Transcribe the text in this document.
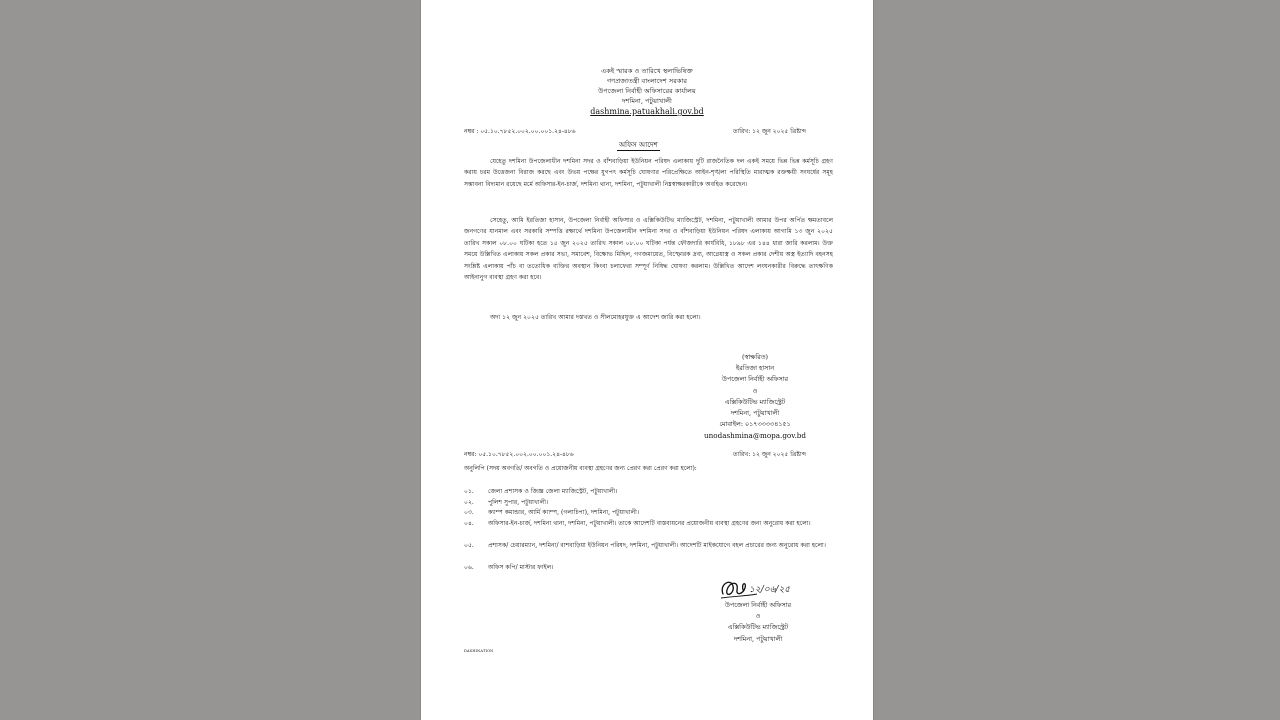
একই স্মারক ও তারিখে স্থলাভিষিক্ত
গণপ্রজাতন্ত্রী বাংলাদেশ সরকার
উপজেলা নির্বাহী অফিসারের কার্যালয়
দশমিনা, পটুয়াখালী
dashmina.patuakhali.gov.bd
নম্বর : ০৫.১০.৭৮৫২.০০২.০০.০০১.২৪-৪৮৬	তারিখ: ১২ জুন ২০২৫ খ্রিষ্টাব্দ
অফিস আদেশ
যেহেতু দশমিনা উপজেলাধীন দশমিনা সদর ও বাঁশবাড়িয়া ইউনিয়ন পরিষদ এলাকায় দুটি রাজনৈতিক দল একই সময়ে ভিন্ন ভিন্ন কর্মসূচি গ্রহণ করায় চরম উত্তেজনা বিরাজ করছে এবং উভয় পক্ষের যুগপৎ কর্মসূচি ঘোষণার পরিপ্রেক্ষিতে আইন-শৃঙ্খলা পরিস্থিতি মারাত্মক রক্তক্ষয়ী সংঘর্ষের সমূহ সম্ভাবনা বিদ্যমান রয়েছে মর্মে অফিসার-ইন-চার্জ, দশমিনা থানা, দশমিনা, পটুয়াখালী নিম্নস্বাক্ষরকারীকে অবহিত করেছেন।
সেহেতু, আমি ইরতিজা হাসান, উপজেলা নির্বাহী অফিসার ও এক্সিকিউটিভ ম্যাজিস্ট্রেট, দশমিনা, পটুয়াখালী আমার উপর অর্পিত ক্ষমতাবলে জনগণের যানমাল এবং সরকারি সম্পত্তি রক্ষার্থে দশমিনা উপজেলাধীন দশমিনা সদর ও বাঁশবাড়িয়া ইউনিয়ন পরিষদ এলাকায় আগামি ১৩ জুন ২০২৫ তারিখ সকাল ০৮.০০ ঘটিকা হতে ১৫ জুন ২০২৫ তারিখ সকাল ০৮.০০ ঘটিকা পর্যন্ত ফৌজদারি কার্যবিধি, ১৮৯৮ এর ১৪৪ ধারা জারি করলাম। উক্ত সময়ে উল্লিখিত এলাকায় সকল প্রকার সভা, সমাবেশ, বিক্ষোভ মিছিল, গণজমায়েত, বিস্ফোরক দ্রব্য, আগ্নেয়াস্ত্র ও সকল প্রকার দেশীয় অস্ত্র ইত্যাদি বহনসহ সংশ্লিষ্ট এলাকায় পাঁচ বা ততোধিক ব্যক্তির অবস্থান কিংবা চলাফেরা সম্পূর্ণ নিষিদ্ধ ঘোষণা করলাম। উল্লিখিত আদেশ লংঘনকারীর বিরুদ্ধে তাৎক্ষণিক আইনানুগ ব্যবস্থা গ্রহণ করা হবে।
অদ্য ১২ জুন ২০২৫ তারিখ আমার দস্তখত ও সীলমোহরযুক্ত এ আদেশ জারি করা হলো।
(স্বাক্ষরিত)
ইরতিজা হাসান
উপজেলা নির্বাহী অফিসার
ও
এক্সিকিউটিভ ম্যাজিস্ট্রেট
দশমিনা, পটুয়াখালী
মোবাইল: ০১৭৩৩৩৩৪১৫১
unodashmina@mopa.gov.bd
নম্বর: ০৫.১০.৭৮৫২.০০২.০০.০০১.২৪-৪৮৬	তারিখ: ১২ জুন ২০২৫ খ্রিষ্টাব্দ
অনুলিপি (সদয় অবগতি/ অবগতি ও প্রয়োজনীয় ব্যবস্থা গ্রহণের জন্য প্রেরণ করা প্রেরণ করা হলো):
০১.	জেলা প্রশাসক ও জিজ্ঞ জেলা ম্যাজিস্ট্রেট, পটুয়াখালী।
০২.	পুলিশ সুপার, পটুয়াখালী।
০৩.	ক্যাম্প কমান্ডার, আর্মি ক্যাম্প, (গলাচিপা), দশমিনা, পটুয়াখালী।
০৪.	অফিসার-ইন-চার্জ, দশমিনা থানা, দশমিনা, পটুয়াখালী। তাকে আদেশটি বাস্তবায়নের প্রয়োজনীয় ব্যবস্থা গ্রহণের জন্য অনুরোধ করা হলো।
০৫.	প্রশাসক/ চেয়ারম্যান, দশমিনা/ বাশবাড়িয়া ইউনিয়ন পরিষদ, দশমিনা, পটুয়াখালী। আদেশটি মাইকযোগে বহল প্রচারের জন্য অনুরোধ করা হলো।
০৬.	অফিস কপি/ মাস্টার ফাইল।
১২/০৬/২৫
উপজেলা নির্বাহী অফিসার
ও
এক্সিকিউটিভ ম্যাজিস্ট্রেট
দশমিনা, পটুয়াখালী
DASHINATION
